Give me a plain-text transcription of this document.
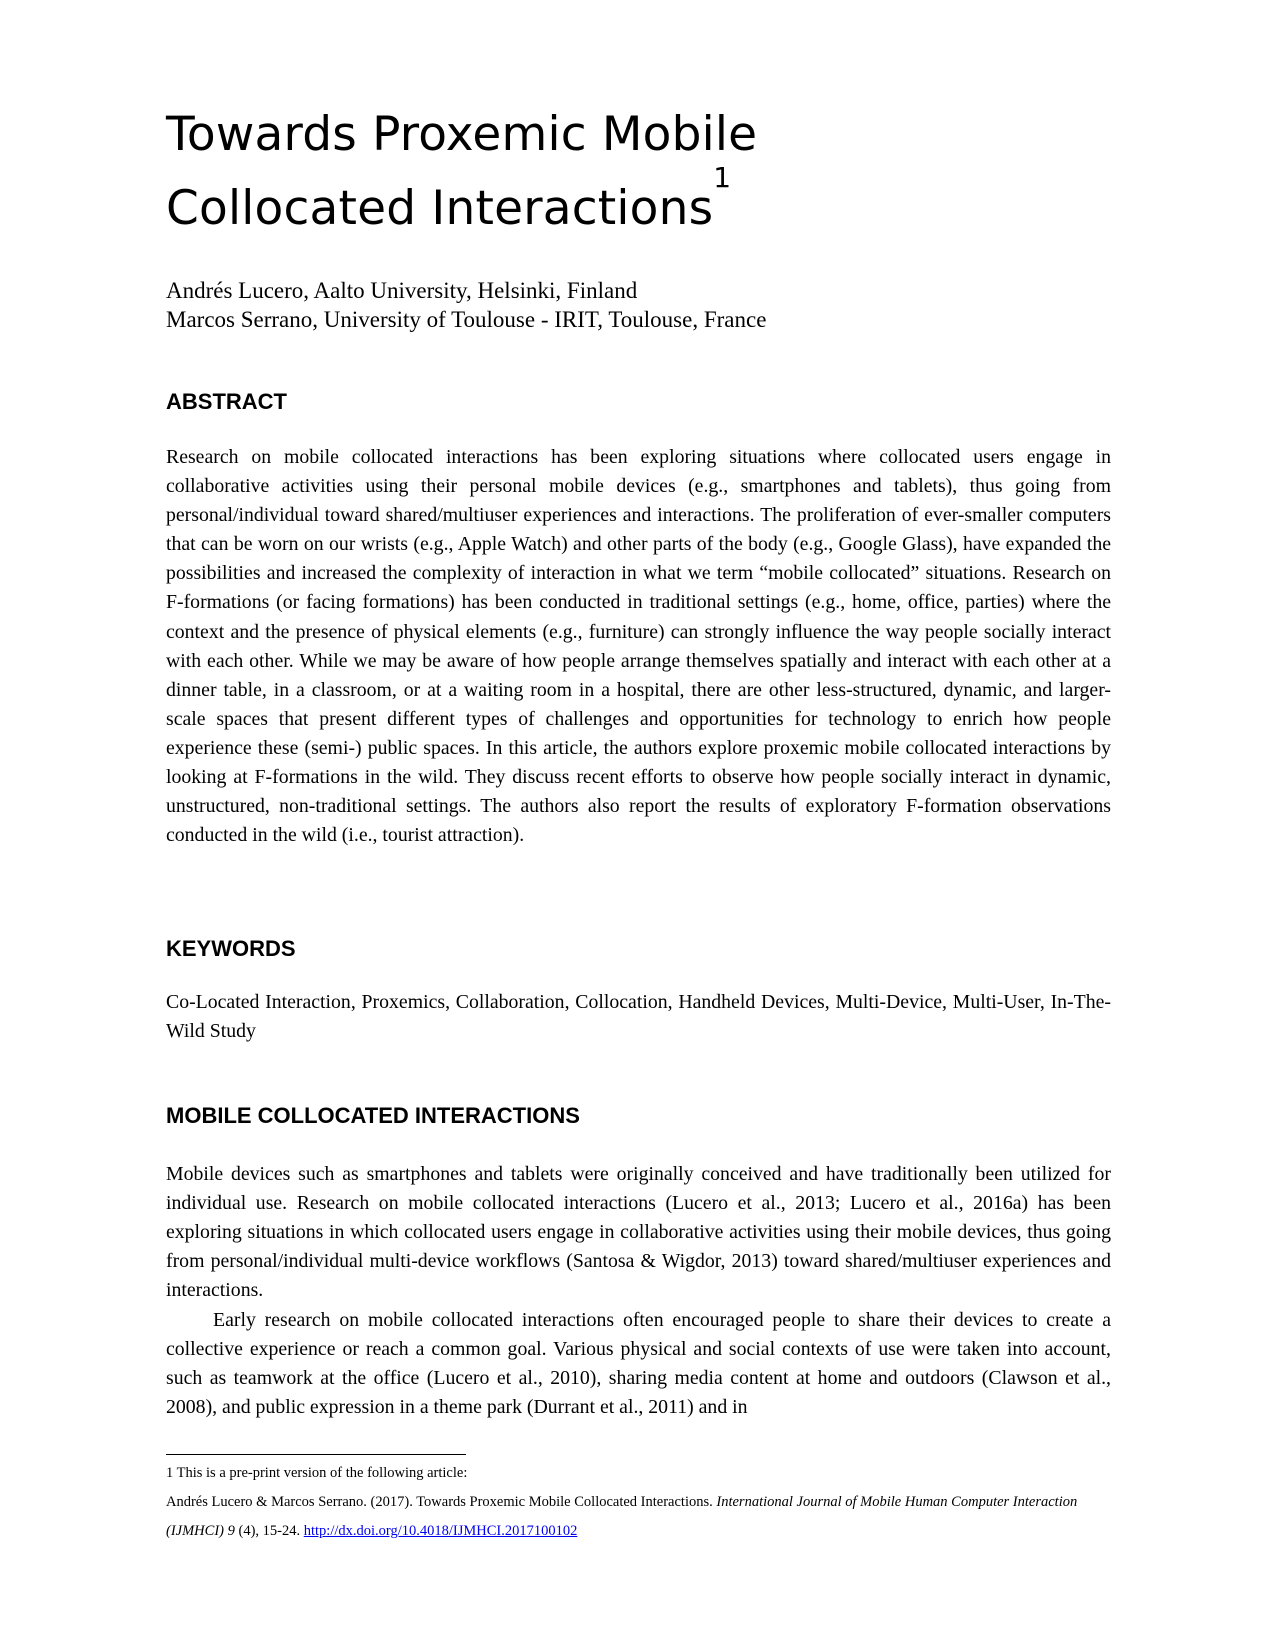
Towards Proxemic Mobile
Collocated Interactions$^1$
Andrés Lucero, Aalto University, Helsinki, Finland
Marcos Serrano, University of Toulouse - IRIT, Toulouse, France
ABSTRACT

Research on mobile collocated interactions has been exploring situations where collocated users engage in collaborative activities using their personal mobile devices (e.g., smartphones and tablets), thus going from personal/individual toward shared/multiuser experiences and interactions. The proliferation of ever-smaller computers that can be worn on our wrists (e.g., Apple Watch) and other parts of the body (e.g., Google Glass), have expanded the possibilities and increased the complexity of interaction in what we term “mobile collocated” situations. Research on F-formations (or facing formations) has been conducted in traditional settings (e.g., home, office, parties) where the context and the presence of physical elements (e.g., furniture) can strongly influence the way people socially interact with each other. While we may be aware of how people arrange themselves spatially and interact with each other at a dinner table, in a classroom, or at a waiting room in a hospital, there are other less-structured, dynamic, and larger-scale spaces that present different types of challenges and opportunities for technology to enrich how people experience these (semi-) public spaces. In this article, the authors explore proxemic mobile collocated interactions by looking at F-formations in the wild. They discuss recent efforts to observe how people socially interact in dynamic, unstructured, non-traditional settings. The authors also report the results of exploratory F-formation observations conducted in the wild (i.e., tourist attraction).

KEYWORDS

Co-Located Interaction, Proxemics, Collaboration, Collocation, Handheld Devices, Multi-Device, Multi-User, In-The-Wild Study

MOBILE COLLOCATED INTERACTIONS

Mobile devices such as smartphones and tablets were originally conceived and have traditionally been utilized for individual use. Research on mobile collocated interactions (Lucero et al., 2013; Lucero et al., 2016a) has been exploring situations in which collocated users engage in collaborative activities using their mobile devices, thus going from personal/individual multi-device workflows (Santosa & Wigdor, 2013) toward shared/multiuser experiences and interactions.

Early research on mobile collocated interactions often encouraged people to share their devices to create a collective experience or reach a common goal. Various physical and social contexts of use were taken into account, such as teamwork at the office (Lucero et al., 2010), sharing media content at home and outdoors (Clawson et al., 2008), and public expression in a theme park (Durrant et al., 2011) and in

1 This is a pre-print version of the following article:
Andrés Lucero & Marcos Serrano. (2017). Towards Proxemic Mobile Collocated Interactions. International Journal of Mobile Human Computer Interaction (IJMHCI) 9 (4), 15-24. http://dx.doi.org/10.4018/IJMHCI.2017100102
